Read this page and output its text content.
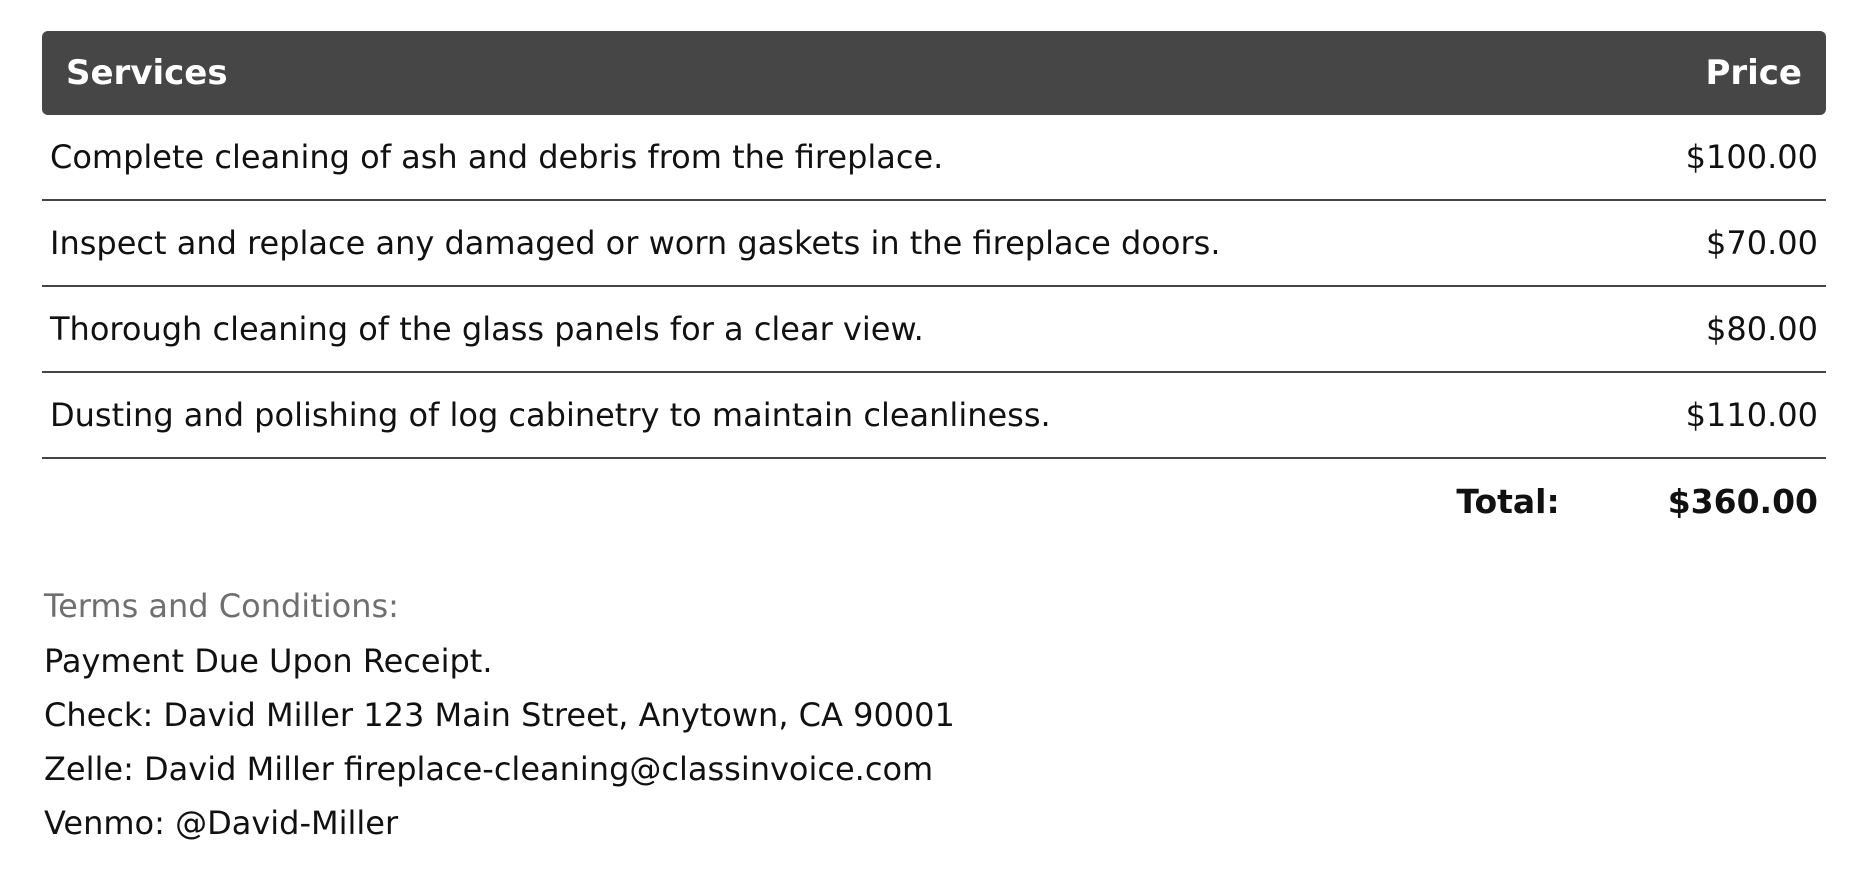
Services	Price
Complete cleaning of ash and debris from the fireplace.	$100.00
Inspect and replace any damaged or worn gaskets in the fireplace doors.	$70.00
Thorough cleaning of the glass panels for a clear view.	$80.00
Dusting and polishing of log cabinetry to maintain cleanliness.	$110.00
Total:	$360.00
Terms and Conditions:
Payment Due Upon Receipt.
Check: David Miller 123 Main Street, Anytown, CA 90001
Zelle: David Miller fireplace-cleaning@classinvoice.com
Venmo: @David-Miller
